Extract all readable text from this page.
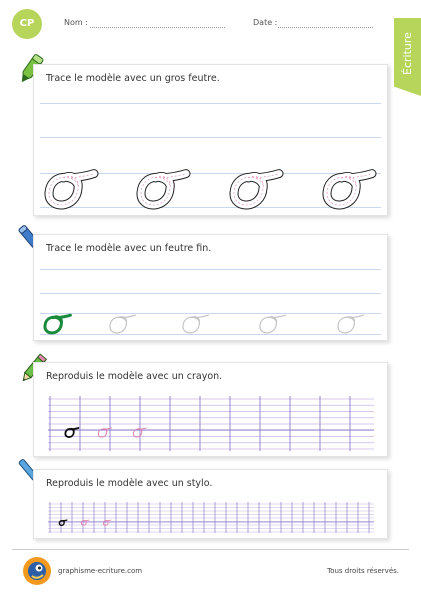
CP	Nom :	Date :
Écriture
Trace le modèle avec un gros feutre.
Trace le modèle avec un feutre fin.
Reproduis le modèle avec un crayon.
Reproduis le modèle avec un stylo.
graphisme-ecriture.com	Tous droits réservés.
